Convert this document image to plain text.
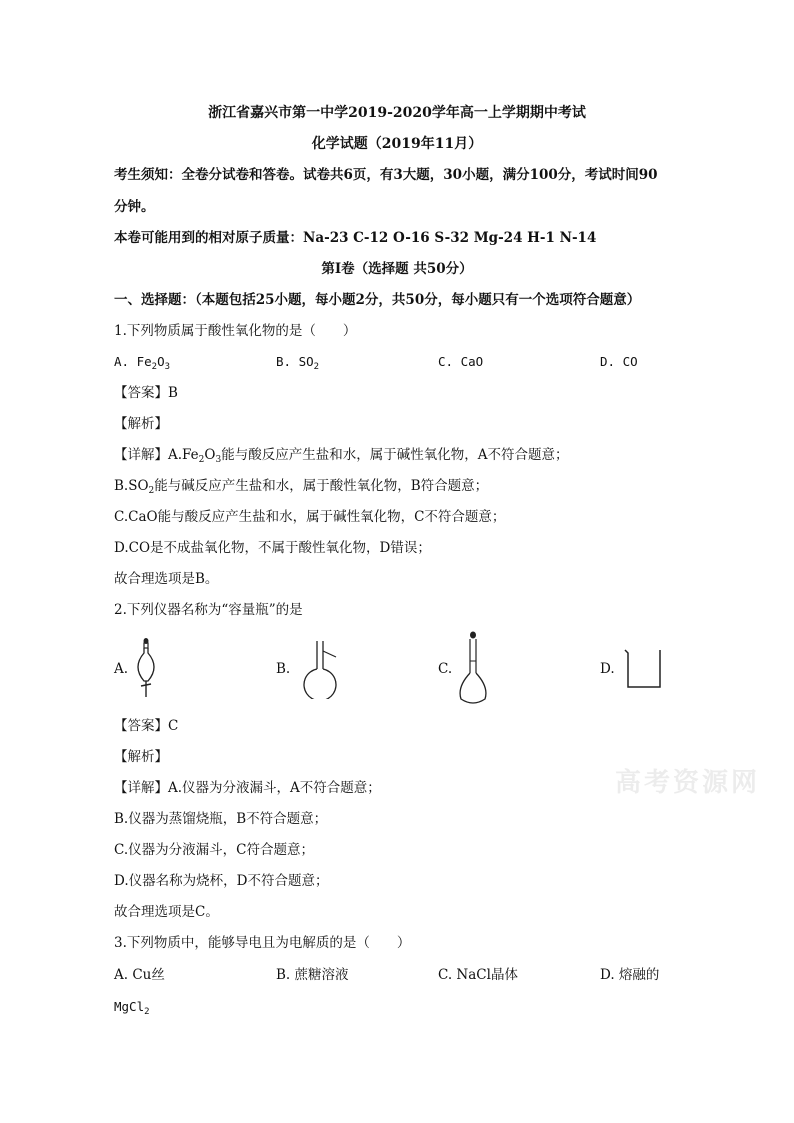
浙江省嘉兴市第一中学2019-2020学年高一上学期期中考试
化学试题（2019年11月）
考生须知：全卷分试卷和答卷。试卷共6页，有3大题，30小题，满分100分，考试时间90
分钟。
本卷可能用到的相对原子质量：Na-23 C-12 O-16 S-32 Mg-24 H-1 N-14
第Ⅰ卷（选择题 共50分）
一、选择题：（本题包括25小题，每小题2分，共50分，每小题只有一个选项符合题意）
1.下列物质属于酸性氧化物的是（　　）
A. $Fe_2O_3$	B. $SO_2$	C. CaO	D. CO
【答案】B
【解析】
【详解】$A.Fe_2O_3$能与酸反应产生盐和水，属于碱性氧化物，A不符合题意；
$B.SO_2$能与碱反应产生盐和水，属于酸性氧化物，B符合题意；
C.CaO能与酸反应产生盐和水，属于碱性氧化物，C不符合题意；
D.CO是不成盐氧化物，不属于酸性氧化物，D错误；
故合理选项是B。
2.下列仪器名称为“容量瓶”的是
A.	B.	C.	D.
【答案】C
【解析】
【详解】A.仪器为分液漏斗，A不符合题意；
B.仪器为蒸馏烧瓶，B不符合题意；
C.仪器为分液漏斗，C符合题意；
D.仪器名称为烧杯，D不符合题意；
故合理选项是C。
高考资源网
3.下列物质中，能够导电且为电解质的是（　　）
A. Cu丝	B. 蔗糖溶液	C. NaCl晶体	D. 熔融的
MgCl$_2$
